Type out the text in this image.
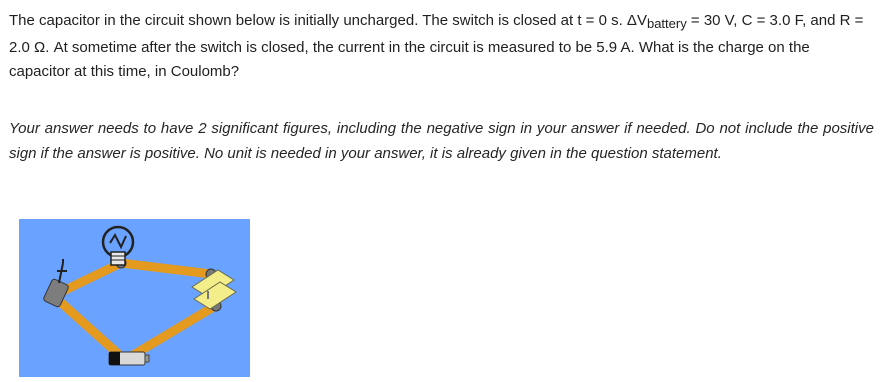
The capacitor in the circuit shown below is initially uncharged. The switch is closed at t = 0 s. ΔVbattery = 30 V, C = 3.0 F, and R = 2.0 Ω. At sometime after the switch is closed, the current in the circuit is measured to be 5.9 A. What is the charge on the capacitor at this time, in Coulomb?

Your answer needs to have 2 significant figures, including the negative sign in your answer if needed. Do not include the positive sign if the answer is positive. No unit is needed in your answer, it is already given in the question statement.
